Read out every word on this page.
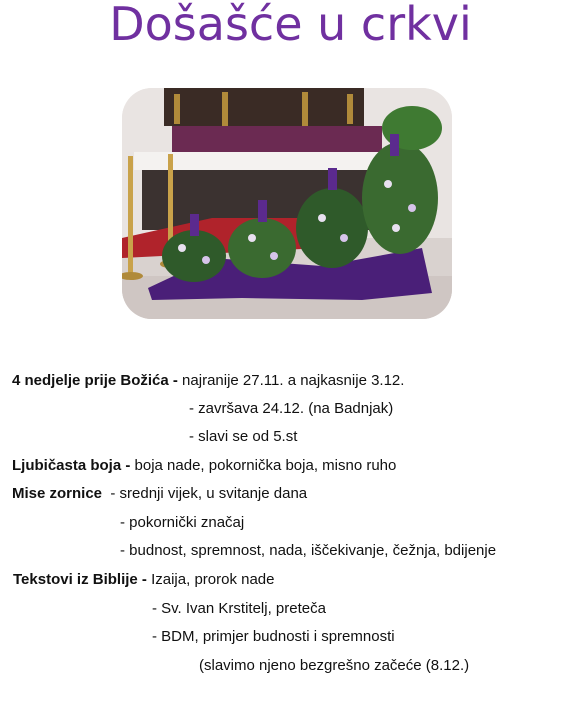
Došašće u crkvi
4 nedjelje prije Božića - najranije 27.11. a najkasnije 3.12.
- završava 24.12. (na Badnjak)
- slavi se od 5.st
Ljubičasta boja - boja nade, pokornička boja, misno ruho
Mise zornice  - srednji vijek, u svitanje dana
- pokornički značaj
- budnost, spremnost, nada, iščekivanje, čežnja, bdijenje
Tekstovi iz Biblije - Izaija, prorok nade
- Sv. Ivan Krstitelj, preteča
- BDM, primjer budnosti i spremnosti
(slavimo njeno bezgrešno začeće (8.12.)
